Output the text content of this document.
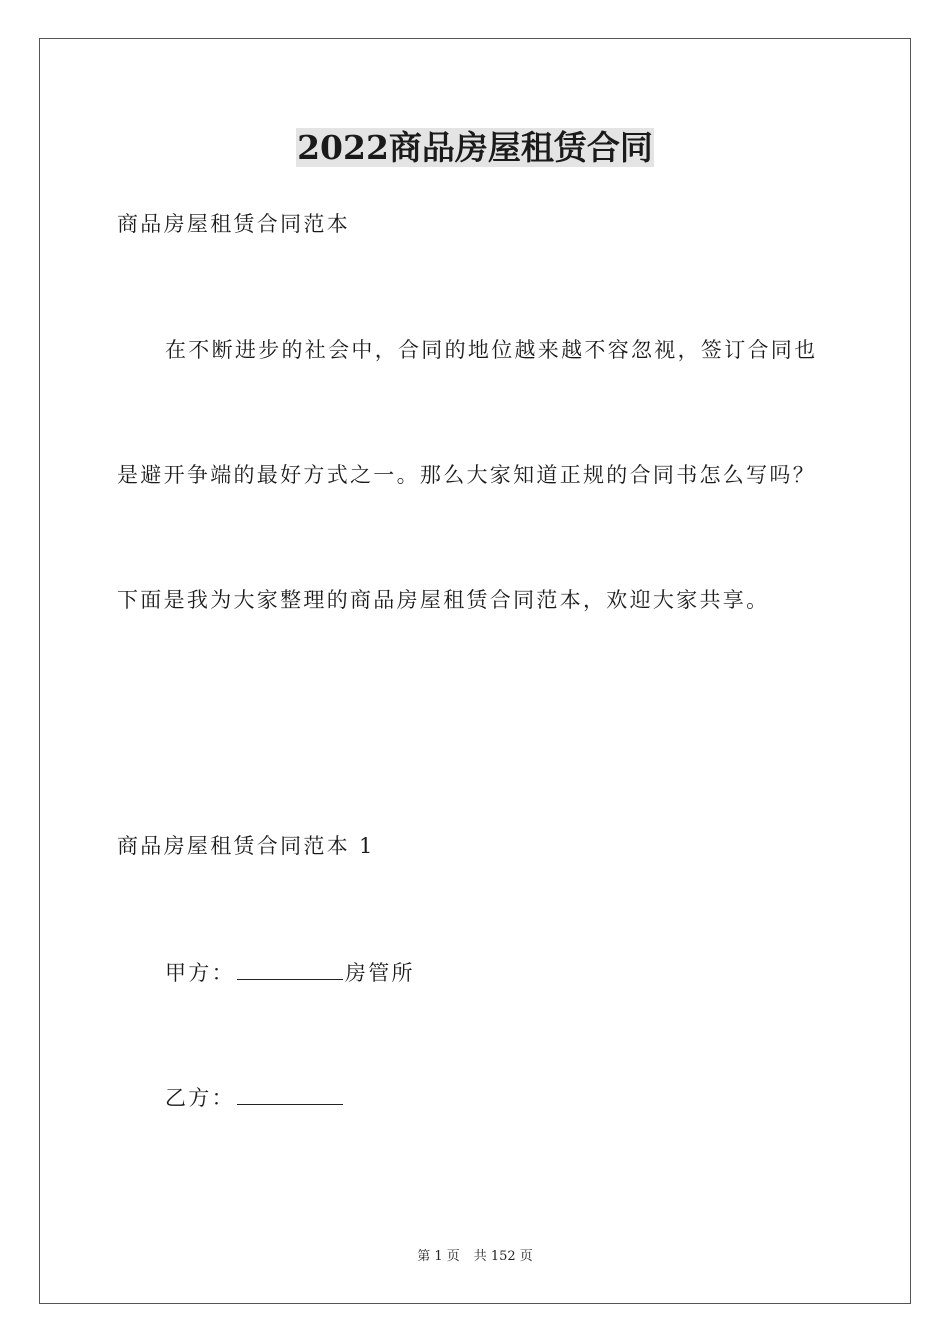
2022商品房屋租赁合同
商品房屋租赁合同范本
在不断进步的社会中，合同的地位越来越不容忽视，签订合同也
是避开争端的最好方式之一。那么大家知道正规的合同书怎么写吗？
下面是我为大家整理的商品房屋租赁合同范本，欢迎大家共享。
商品房屋租赁合同范本 1
甲方：	房管所
乙方：
第 1 页 共 152 页
